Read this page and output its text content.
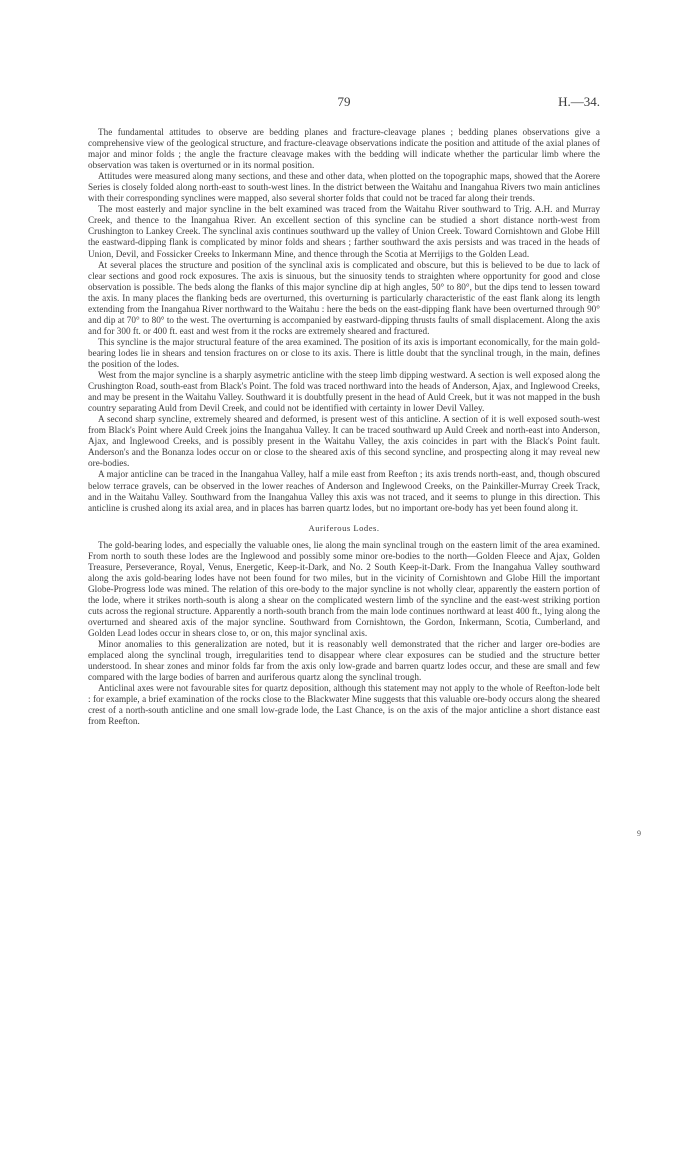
79	H.—34.

The fundamental attitudes to observe are bedding planes and fracture-cleavage planes ; bedding planes observations give a comprehensive view of the geological structure, and fracture-cleavage observations indicate the position and attitude of the axial planes of major and minor folds ; the angle the fracture cleavage makes with the bedding will indicate whether the particular limb where the observation was taken is overturned or in its normal position.

Attitudes were measured along many sections, and these and other data, when plotted on the topographic maps, showed that the Aorere Series is closely folded along north-east to south-west lines. In the district between the Waitahu and Inangahua Rivers two main anticlines with their corresponding synclines were mapped, also several shorter folds that could not be traced far along their trends.

The most easterly and major syncline in the belt examined was traced from the Waitahu River southward to Trig. A.H. and Murray Creek, and thence to the Inangahua River. An excellent section of this syncline can be studied a short distance north-west from Crushington to Lankey Creek. The synclinal axis continues southward up the valley of Union Creek. Toward Cornishtown and Globe Hill the eastward-dipping flank is complicated by minor folds and shears ; farther southward the axis persists and was traced in the heads of Union, Devil, and Fossicker Creeks to Inkermann Mine, and thence through the Scotia at Merrijigs to the Golden Lead.

At several places the structure and position of the synclinal axis is complicated and obscure, but this is believed to be due to lack of clear sections and good rock exposures. The axis is sinuous, but the sinuosity tends to straighten where opportunity for good and close observation is possible. The beds along the flanks of this major syncline dip at high angles, 50° to 80°, but the dips tend to lessen toward the axis. In many places the flanking beds are overturned, this overturning is particularly characteristic of the east flank along its length extending from the Inangahua River northward to the Waitahu : here the beds on the east-dipping flank have been overturned through 90° and dip at 70° to 80° to the west. The overturning is accompanied by eastward-dipping thrusts faults of small displacement. Along the axis and for 300 ft. or 400 ft. east and west from it the rocks are extremely sheared and fractured.

This syncline is the major structural feature of the area examined. The position of its axis is important economically, for the main gold-bearing lodes lie in shears and tension fractures on or close to its axis. There is little doubt that the synclinal trough, in the main, defines the position of the lodes.

West from the major syncline is a sharply asymetric anticline with the steep limb dipping westward. A section is well exposed along the Crushington Road, south-east from Black's Point. The fold was traced northward into the heads of Anderson, Ajax, and Inglewood Creeks, and may be present in the Waitahu Valley. Southward it is doubtfully present in the head of Auld Creek, but it was not mapped in the bush country separating Auld from Devil Creek, and could not be identified with certainty in lower Devil Valley.

A second sharp syncline, extremely sheared and deformed, is present west of this anticline. A section of it is well exposed south-west from Black's Point where Auld Creek joins the Inangahua Valley. It can be traced southward up Auld Creek and north-east into Anderson, Ajax, and Inglewood Creeks, and is possibly present in the Waitahu Valley, the axis coincides in part with the Black's Point fault. Anderson's and the Bonanza lodes occur on or close to the sheared axis of this second syncline, and prospecting along it may reveal new ore-bodies.

A major anticline can be traced in the Inangahua Valley, half a mile east from Reefton ; its axis trends north-east, and, though obscured below terrace gravels, can be observed in the lower reaches of Anderson and Inglewood Creeks, on the Painkiller-Murray Creek Track, and in the Waitahu Valley. Southward from the Inangahua Valley this axis was not traced, and it seems to plunge in this direction. This anticline is crushed along its axial area, and in places has barren quartz lodes, but no important ore-body has yet been found along it.

Auriferous Lodes.

The gold-bearing lodes, and especially the valuable ones, lie along the main synclinal trough on the eastern limit of the area examined. From north to south these lodes are the Inglewood and possibly some minor ore-bodies to the north—Golden Fleece and Ajax, Golden Treasure, Perseverance, Royal, Venus, Energetic, Keep-it-Dark, and No. 2 South Keep-it-Dark. From the Inangahua Valley southward along the axis gold-bearing lodes have not been found for two miles, but in the vicinity of Cornishtown and Globe Hill the important Globe-Progress lode was mined. The relation of this ore-body to the major syncline is not wholly clear, apparently the eastern portion of the lode, where it strikes north-south is along a shear on the complicated western limb of the syncline and the east-west striking portion cuts across the regional structure. Apparently a north-south branch from the main lode continues northward at least 400 ft., lying along the overturned and sheared axis of the major syncline. Southward from Cornishtown, the Gordon, Inkermann, Scotia, Cumberland, and Golden Lead lodes occur in shears close to, or on, this major synclinal axis.

Minor anomalies to this generalization are noted, but it is reasonably well demonstrated that the richer and larger ore-bodies are emplaced along the synclinal trough, irregularities tend to disappear where clear exposures can be studied and the structure better understood. In shear zones and minor folds far from the axis only low-grade and barren quartz lodes occur, and these are small and few compared with the large bodies of barren and auriferous quartz along the synclinal trough.

Anticlinal axes were not favourable sites for quartz deposition, although this statement may not apply to the whole of Reefton-lode belt : for example, a brief examination of the rocks close to the Blackwater Mine suggests that this valuable ore-body occurs along the sheared crest of a north-south anticline and one small low-grade lode, the Last Chance, is on the axis of the major anticline a short distance east from Reefton.

9
